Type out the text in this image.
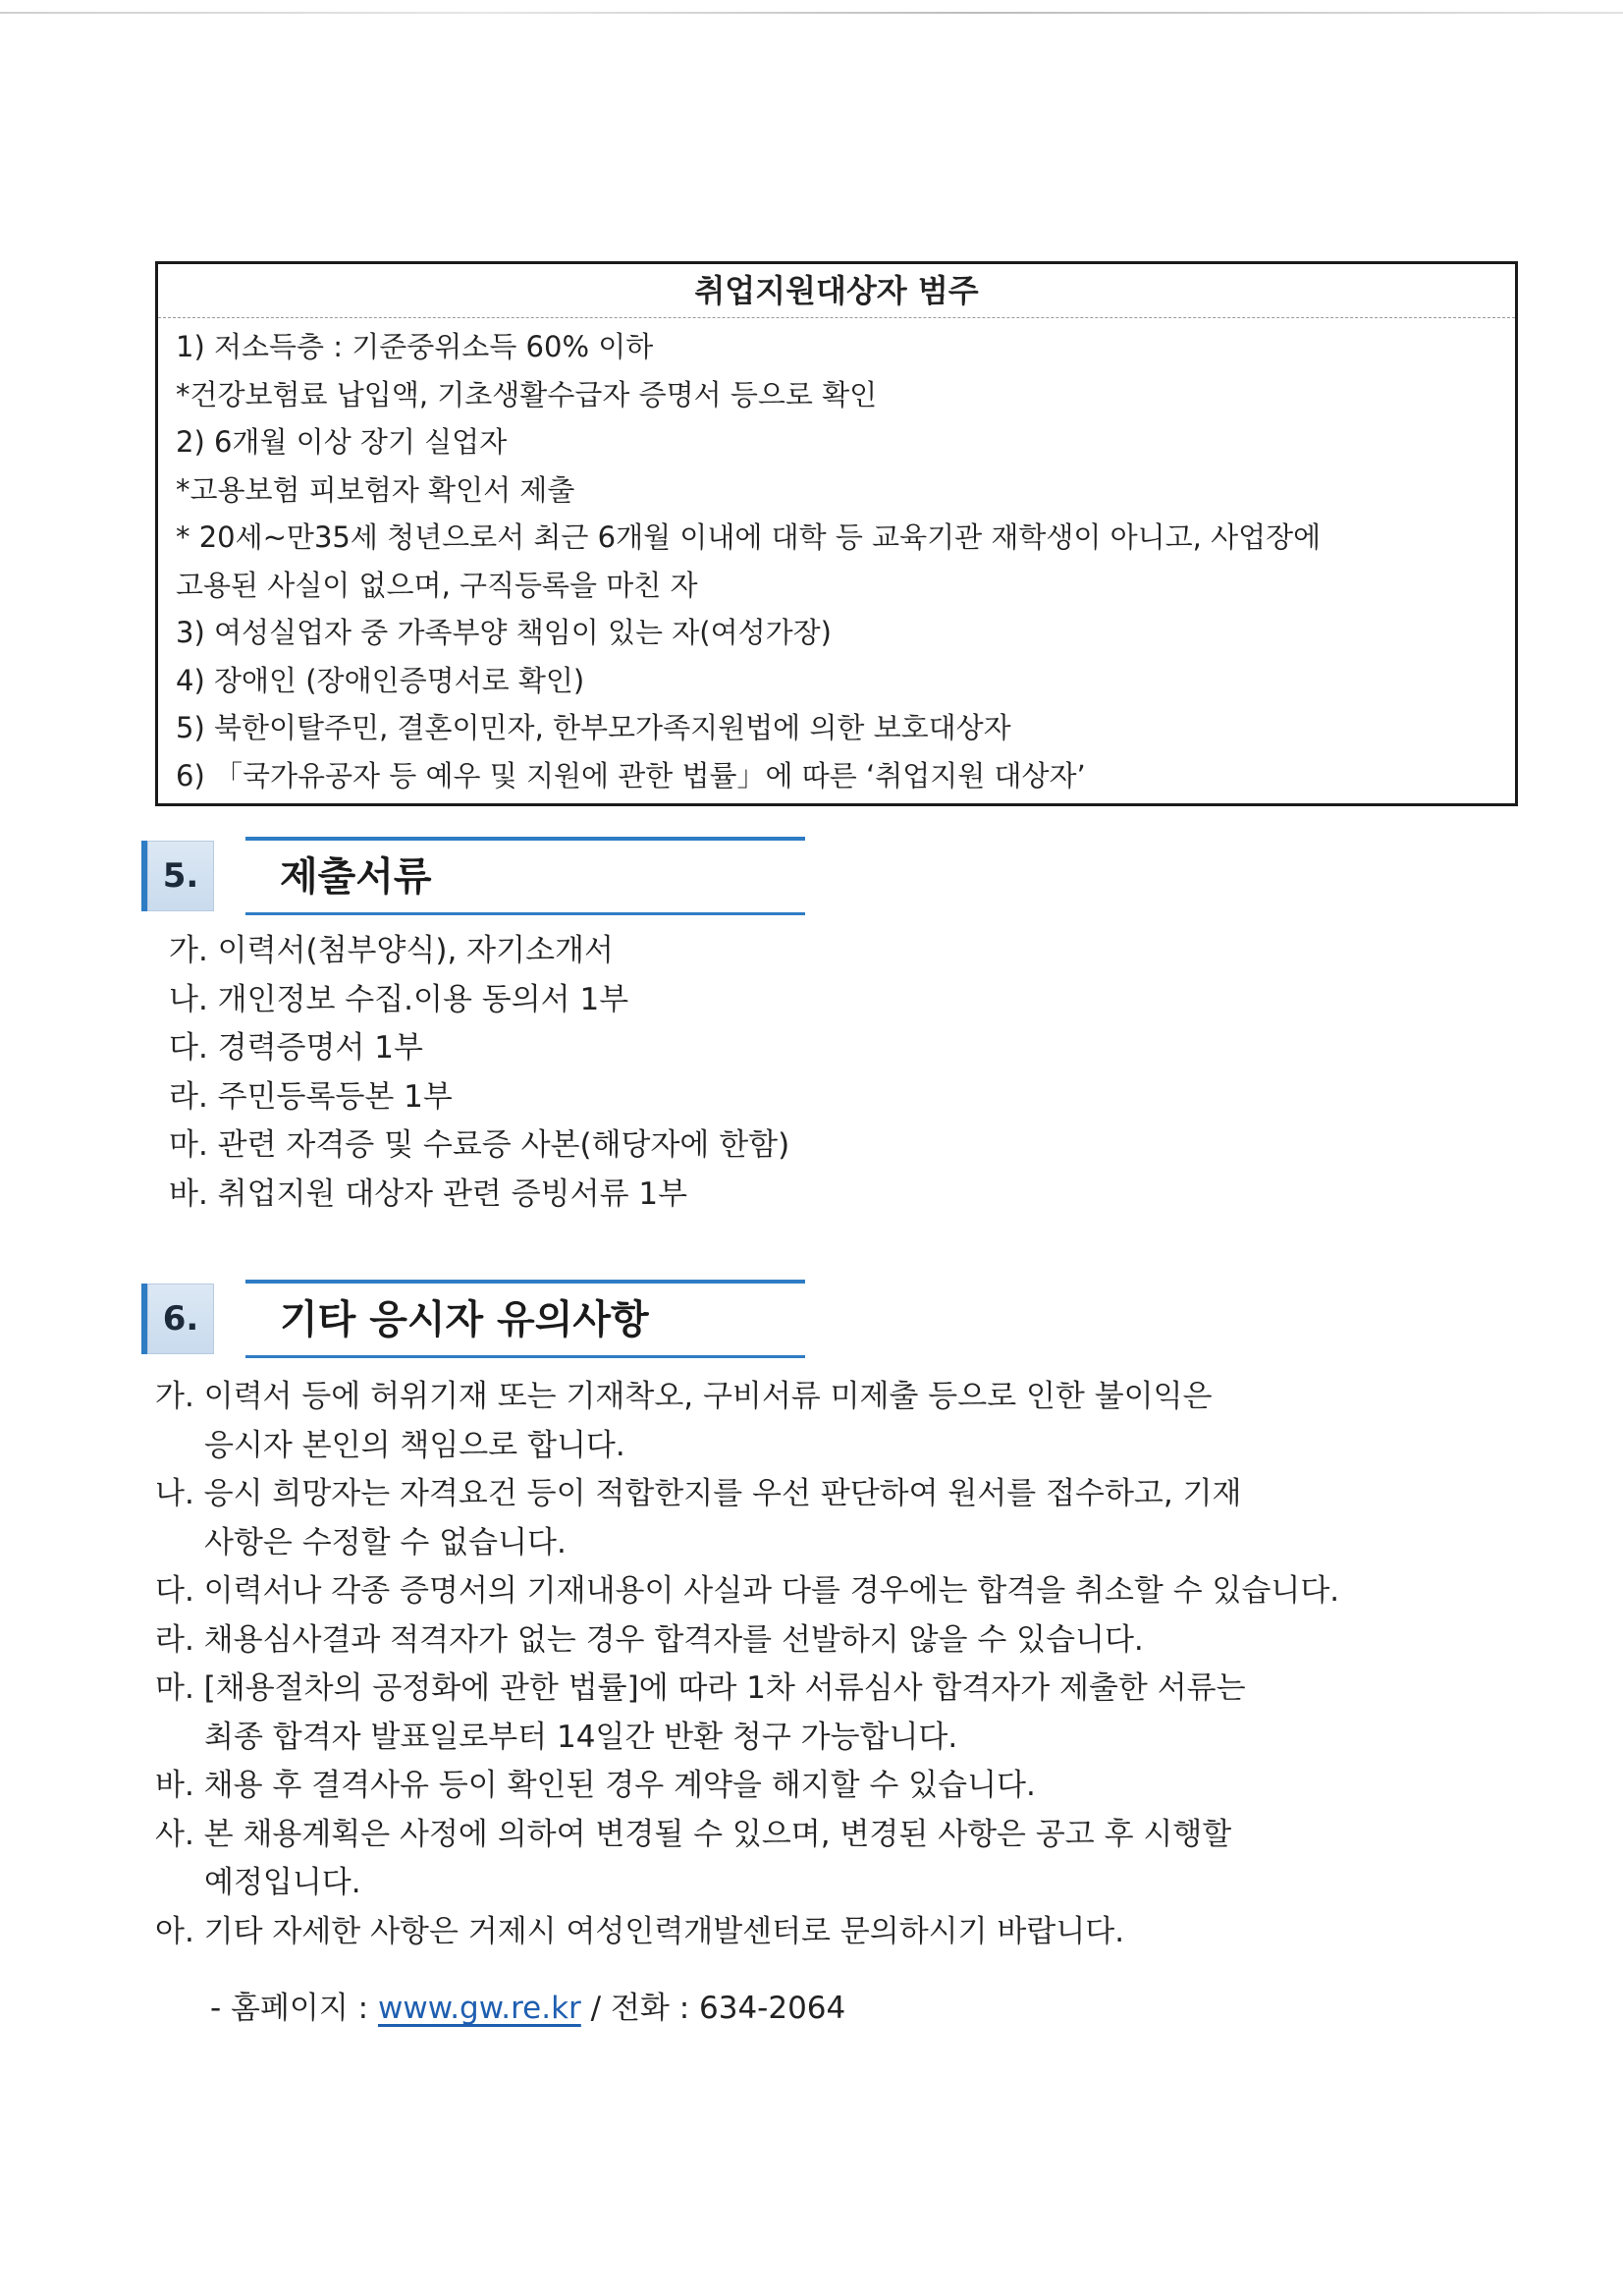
취업지원대상자 범주
1) 저소득층 : 기준중위소득 60% 이하
*건강보험료 납입액, 기초생활수급자 증명서 등으로 확인
2) 6개월 이상 장기 실업자
*고용보험 피보험자 확인서 제출
* 20세~만35세 청년으로서 최근 6개월 이내에 대학 등 교육기관 재학생이 아니고, 사업장에
고용된 사실이 없으며, 구직등록을 마친 자
3) 여성실업자 중 가족부양 책임이 있는 자(여성가장)
4) 장애인 (장애인증명서로 확인)
5) 북한이탈주민, 결혼이민자, 한부모가족지원법에 의한 보호대상자
6) 「국가유공자 등 예우 및 지원에 관한 법률」에 따른 ‘취업지원 대상자’
5.	제출서류
가. 이력서(첨부양식), 자기소개서
나. 개인정보 수집.이용 동의서 1부
다. 경력증명서 1부
라. 주민등록등본 1부
마. 관련 자격증 및 수료증 사본(해당자에 한함)
바. 취업지원 대상자 관련 증빙서류 1부
6.	기타 응시자 유의사항
가. 이력서 등에 허위기재 또는 기재착오, 구비서류 미제출 등으로 인한 불이익은
응시자 본인의 책임으로 합니다.
나. 응시 희망자는 자격요건 등이 적합한지를 우선 판단하여 원서를 접수하고, 기재
사항은 수정할 수 없습니다.
다. 이력서나 각종 증명서의 기재내용이 사실과 다를 경우에는 합격을 취소할 수 있습니다.
라. 채용심사결과 적격자가 없는 경우 합격자를 선발하지 않을 수 있습니다.
마. [채용절차의 공정화에 관한 법률]에 따라 1차 서류심사 합격자가 제출한 서류는
최종 합격자 발표일로부터 14일간 반환 청구 가능합니다.
바. 채용 후 결격사유 등이 확인된 경우 계약을 해지할 수 있습니다.
사. 본 채용계획은 사정에 의하여 변경될 수 있으며, 변경된 사항은 공고 후 시행할
예정입니다.
아. 기타 자세한 사항은 거제시 여성인력개발센터로 문의하시기 바랍니다.
- 홈페이지 : www.gw.re.kr / 전화 : 634-2064
